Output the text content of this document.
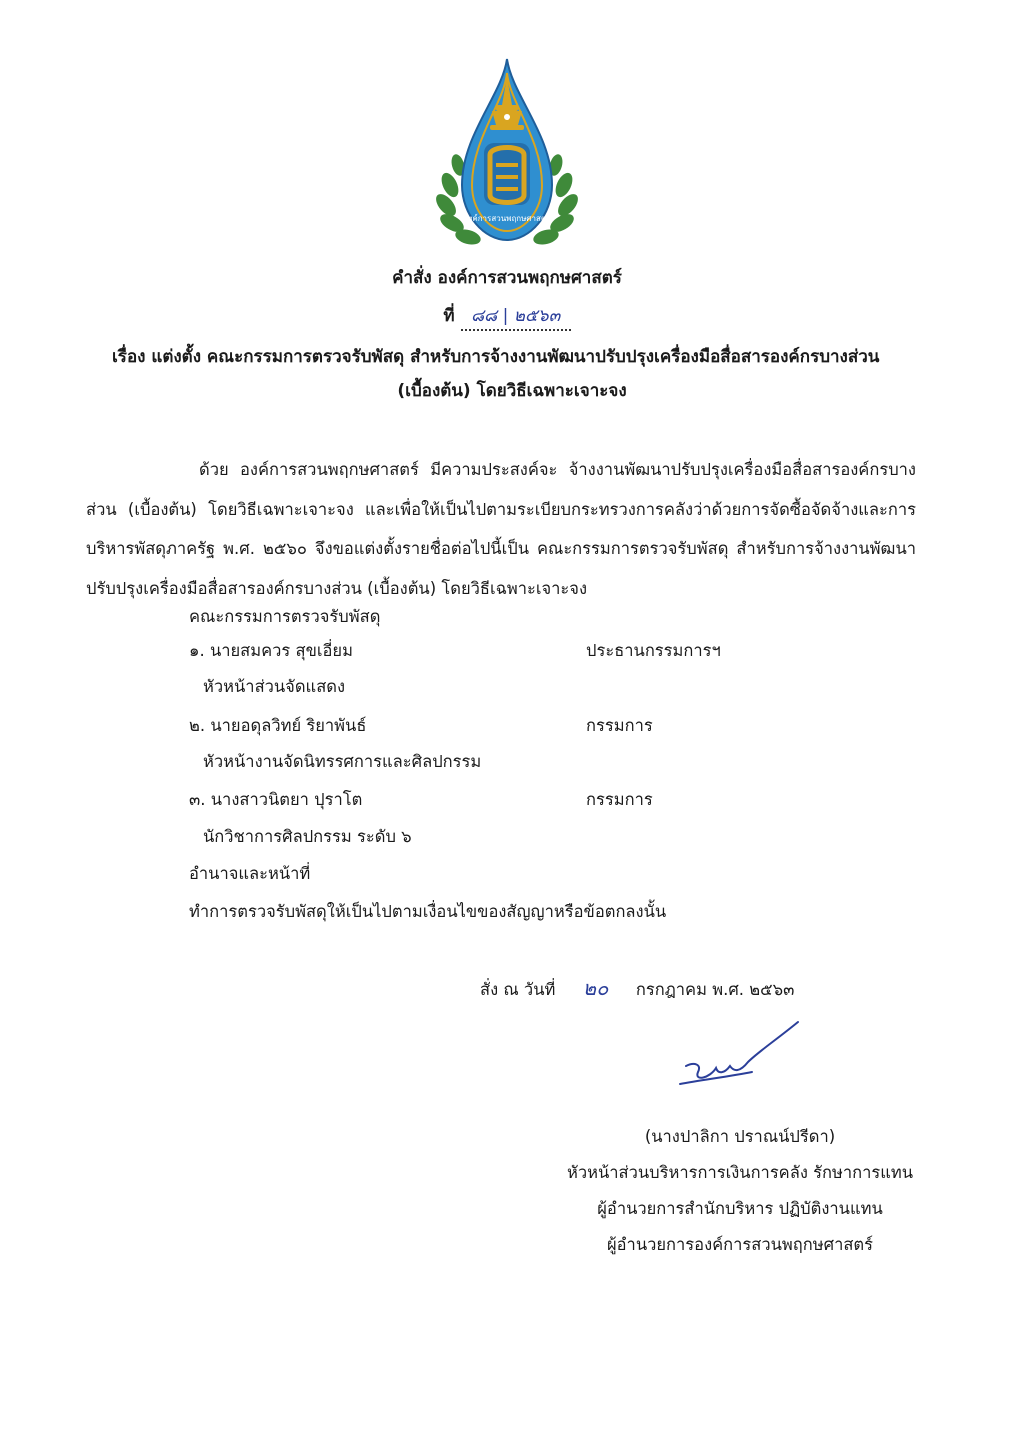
องค์การสวนพฤกษศาสตร์
คำสั่ง องค์การสวนพฤกษศาสตร์
ที่ ๘๘ | ๒๕๖๓
เรื่อง แต่งตั้ง คณะกรรมการตรวจรับพัสดุ สำหรับการจ้างงานพัฒนาปรับปรุงเครื่องมือสื่อสารองค์กรบางส่วน
(เบื้องต้น) โดยวิธีเฉพาะเจาะจง
ด้วย องค์การสวนพฤกษศาสตร์ มีความประสงค์จะ จ้างงานพัฒนาปรับปรุงเครื่องมือสื่อสารองค์กรบางส่วน (เบื้องต้น) โดยวิธีเฉพาะเจาะจง และเพื่อให้เป็นไปตามระเบียบกระทรวงการคลังว่าด้วยการจัดซื้อจัดจ้างและการบริหารพัสดุภาครัฐ พ.ศ. ๒๕๖๐ จึงขอแต่งตั้งรายชื่อต่อไปนี้เป็น คณะกรรมการตรวจรับพัสดุ สำหรับการจ้างงานพัฒนาปรับปรุงเครื่องมือสื่อสารองค์กรบางส่วน (เบื้องต้น) โดยวิธีเฉพาะเจาะจง
คณะกรรมการตรวจรับพัสดุ
๑. นายสมควร สุขเอี่ยม	ประธานกรรมการฯ
หัวหน้าส่วนจัดแสดง
๒. นายอดุลวิทย์ ริยาพันธ์	กรรมการ
หัวหน้างานจัดนิทรรศการและศิลปกรรม
๓. นางสาวนิตยา ปุราโต	กรรมการ
นักวิชาการศิลปกรรม ระดับ ๖
อำนาจและหน้าที่
ทำการตรวจรับพัสดุให้เป็นไปตามเงื่อนไขของสัญญาหรือข้อตกลงนั้น
สั่ง ณ วันที่ ๒๐ กรกฎาคม พ.ศ. ๒๕๖๓
(นางปาลิกา ปราณน์ปรีดา)
หัวหน้าส่วนบริหารการเงินการคลัง รักษาการแทน
ผู้อำนวยการสำนักบริหาร ปฏิบัติงานแทน
ผู้อำนวยการองค์การสวนพฤกษศาสตร์
